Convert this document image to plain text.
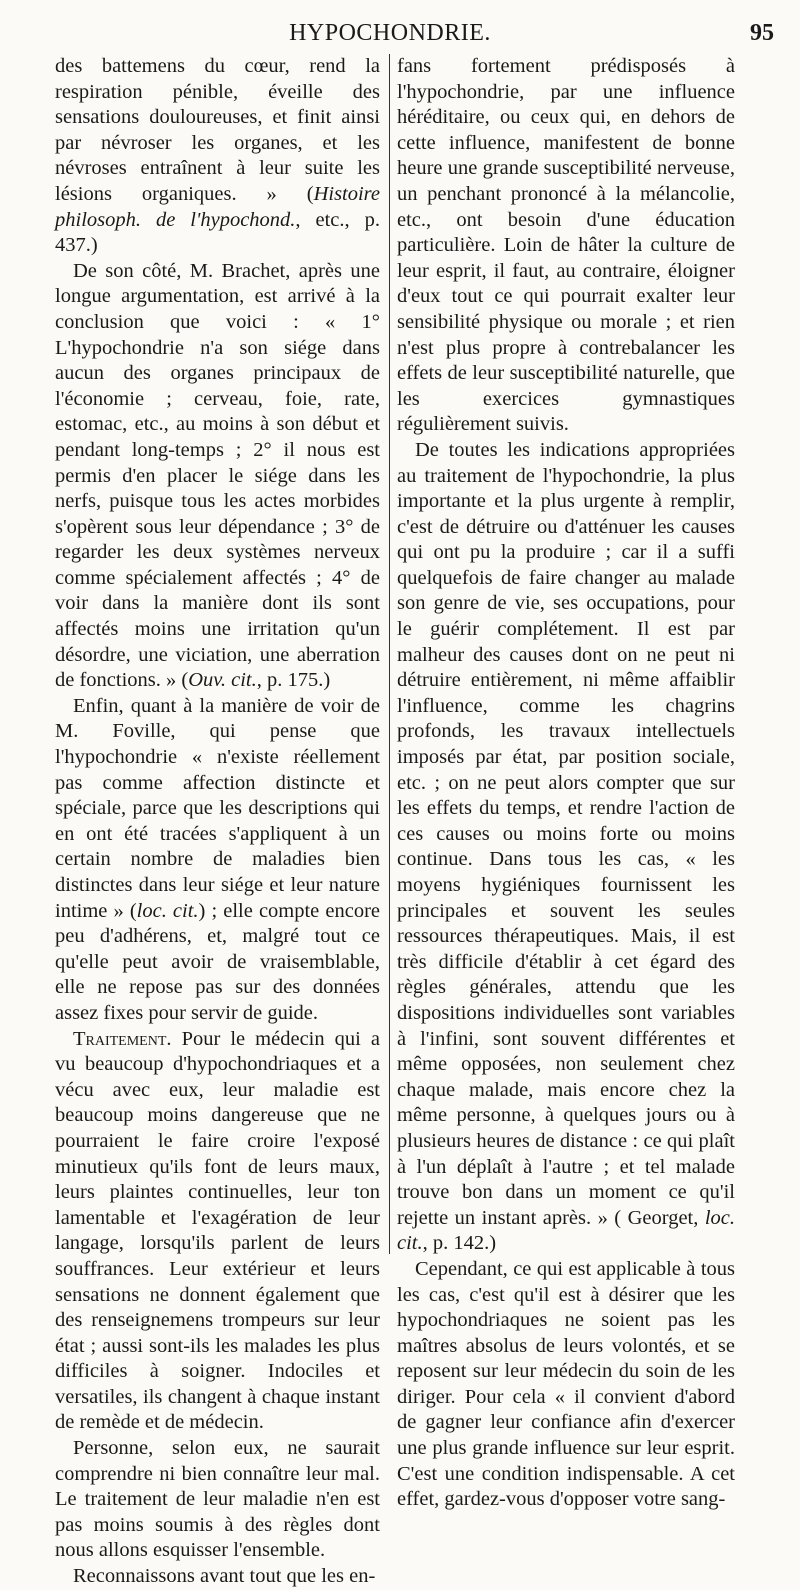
HYPOCHONDRIE.	95

des battemens du cœur, rend la respiration pénible, éveille des sensations douloureuses, et finit ainsi par névroser les organes, et les névroses entraînent à leur suite les lésions organiques. » (Histoire philosoph. de l'hypochond., etc., p. 437.)

De son côté, M. Brachet, après une longue argumentation, est arrivé à la conclusion que voici : « 1° L'hypochondrie n'a son siége dans aucun des organes principaux de l'économie ; cerveau, foie, rate, estomac, etc., au moins à son début et pendant long-temps ; 2° il nous est permis d'en placer le siége dans les nerfs, puisque tous les actes morbides s'opèrent sous leur dépendance ; 3° de regarder les deux systèmes nerveux comme spécialement affectés ; 4° de voir dans la manière dont ils sont affectés moins une irritation qu'un désordre, une viciation, une aberration de fonctions. » (Ouv. cit., p. 175.)

Enfin, quant à la manière de voir de M. Foville, qui pense que l'hypochondrie « n'existe réellement pas comme affection distincte et spéciale, parce que les descriptions qui en ont été tracées s'appliquent à un certain nombre de maladies bien distinctes dans leur siége et leur nature intime » (loc. cit.) ; elle compte encore peu d'adhérens, et, malgré tout ce qu'elle peut avoir de vraisemblable, elle ne repose pas sur des données assez fixes pour servir de guide.

Traitement. Pour le médecin qui a vu beaucoup d'hypochondriaques et a vécu avec eux, leur maladie est beaucoup moins dangereuse que ne pourraient le faire croire l'exposé minutieux qu'ils font de leurs maux, leurs plaintes continuelles, leur ton lamentable et l'exagération de leur langage, lorsqu'ils parlent de leurs souffrances. Leur extérieur et leurs sensations ne donnent également que des renseignemens trompeurs sur leur état ; aussi sont-ils les malades les plus difficiles à soigner. Indociles et versatiles, ils changent à chaque instant de remède et de médecin.

Personne, selon eux, ne saurait comprendre ni bien connaître leur mal. Le traitement de leur maladie n'en est pas moins soumis à des règles dont nous allons esquisser l'ensemble.

Reconnaissons avant tout que les en-

fans fortement prédisposés à l'hypochondrie, par une influence héréditaire, ou ceux qui, en dehors de cette influence, manifestent de bonne heure une grande susceptibilité nerveuse, un penchant prononcé à la mélancolie, etc., ont besoin d'une éducation particulière. Loin de hâter la culture de leur esprit, il faut, au contraire, éloigner d'eux tout ce qui pourrait exalter leur sensibilité physique ou morale ; et rien n'est plus propre à contrebalancer les effets de leur susceptibilité naturelle, que les exercices gymnastiques régulièrement suivis.

De toutes les indications appropriées au traitement de l'hypochondrie, la plus importante et la plus urgente à remplir, c'est de détruire ou d'atténuer les causes qui ont pu la produire ; car il a suffi quelquefois de faire changer au malade son genre de vie, ses occupations, pour le guérir complétement. Il est par malheur des causes dont on ne peut ni détruire entièrement, ni même affaiblir l'influence, comme les chagrins profonds, les travaux intellectuels imposés par état, par position sociale, etc. ; on ne peut alors compter que sur les effets du temps, et rendre l'action de ces causes ou moins forte ou moins continue. Dans tous les cas, « les moyens hygiéniques fournissent les principales et souvent les seules ressources thérapeutiques. Mais, il est très difficile d'établir à cet égard des règles générales, attendu que les dispositions individuelles sont variables à l'infini, sont souvent différentes et même opposées, non seulement chez chaque malade, mais encore chez la même personne, à quelques jours ou à plusieurs heures de distance : ce qui plaît à l'un déplaît à l'autre ; et tel malade trouve bon dans un moment ce qu'il rejette un instant après. » ( Georget, loc. cit., p. 142.)

Cependant, ce qui est applicable à tous les cas, c'est qu'il est à désirer que les hypochondriaques ne soient pas les maîtres absolus de leurs volontés, et se reposent sur leur médecin du soin de les diriger. Pour cela « il convient d'abord de gagner leur confiance afin d'exercer une plus grande influence sur leur esprit. C'est une condition indispensable. A cet effet, gardez-vous d'opposer votre sang-
